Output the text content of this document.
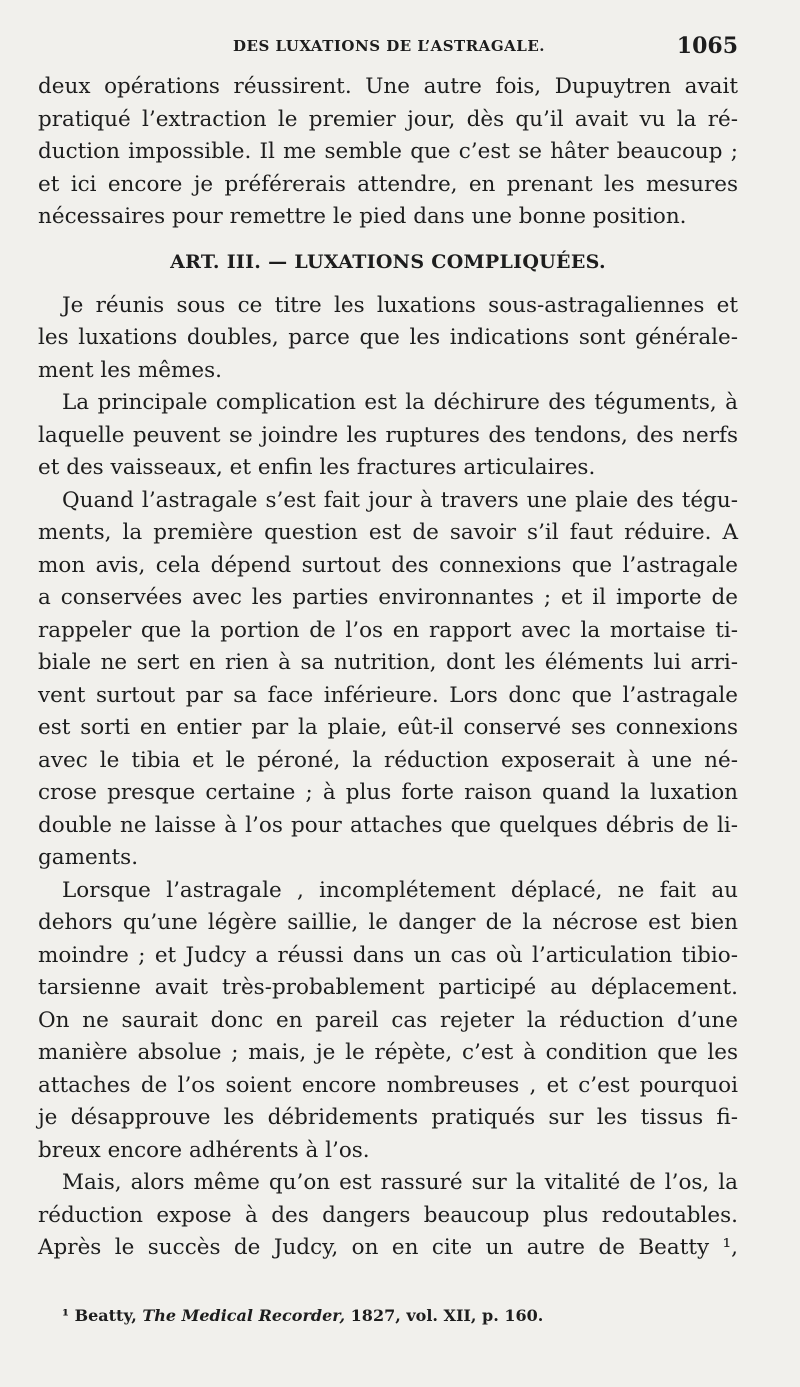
DES LUXATIONS DE L’ASTRAGALE.	1065
deux opérations réussirent. Une autre fois, Dupuytren avait
pratiqué l’extraction le premier jour, dès qu’il avait vu la ré-
duction impossible. Il me semble que c’est se hâter beaucoup ;
et ici encore je préférerais attendre, en prenant les mesures
nécessaires pour remettre le pied dans une bonne position.
ART. III. — LUXATIONS COMPLIQUÉES.
Je réunis sous ce titre les luxations sous-astragaliennes et
les luxations doubles, parce que les indications sont générale-
ment les mêmes.
La principale complication est la déchirure des téguments, à
laquelle peuvent se joindre les ruptures des tendons, des nerfs
et des vaisseaux, et enfin les fractures articulaires.
Quand l’astragale s’est fait jour à travers une plaie des tégu-
ments, la première question est de savoir s’il faut réduire. A
mon avis, cela dépend surtout des connexions que l’astragale
a conservées avec les parties environnantes ; et il importe de
rappeler que la portion de l’os en rapport avec la mortaise ti-
biale ne sert en rien à sa nutrition, dont les éléments lui arri-
vent surtout par sa face inférieure. Lors donc que l’astragale
est sorti en entier par la plaie, eût-il conservé ses connexions
avec le tibia et le péroné, la réduction exposerait à une né-
crose presque certaine ; à plus forte raison quand la luxation
double ne laisse à l’os pour attaches que quelques débris de li-
gaments.
Lorsque l’astragale , incomplétement déplacé, ne fait au
dehors qu’une légère saillie, le danger de la nécrose est bien
moindre ; et Judcy a réussi dans un cas où l’articulation tibio-
tarsienne avait très-probablement participé au déplacement.
On ne saurait donc en pareil cas rejeter la réduction d’une
manière absolue ; mais, je le répète, c’est à condition que les
attaches de l’os soient encore nombreuses , et c’est pourquoi
je désapprouve les débridements pratiqués sur les tissus fi-
breux encore adhérents à l’os.
Mais, alors même qu’on est rassuré sur la vitalité de l’os, la
réduction expose à des dangers beaucoup plus redoutables.
Après le succès de Judcy, on en cite un autre de Beatty ¹,
¹ Beatty, The Medical Recorder, 1827, vol. XII, p. 160.
